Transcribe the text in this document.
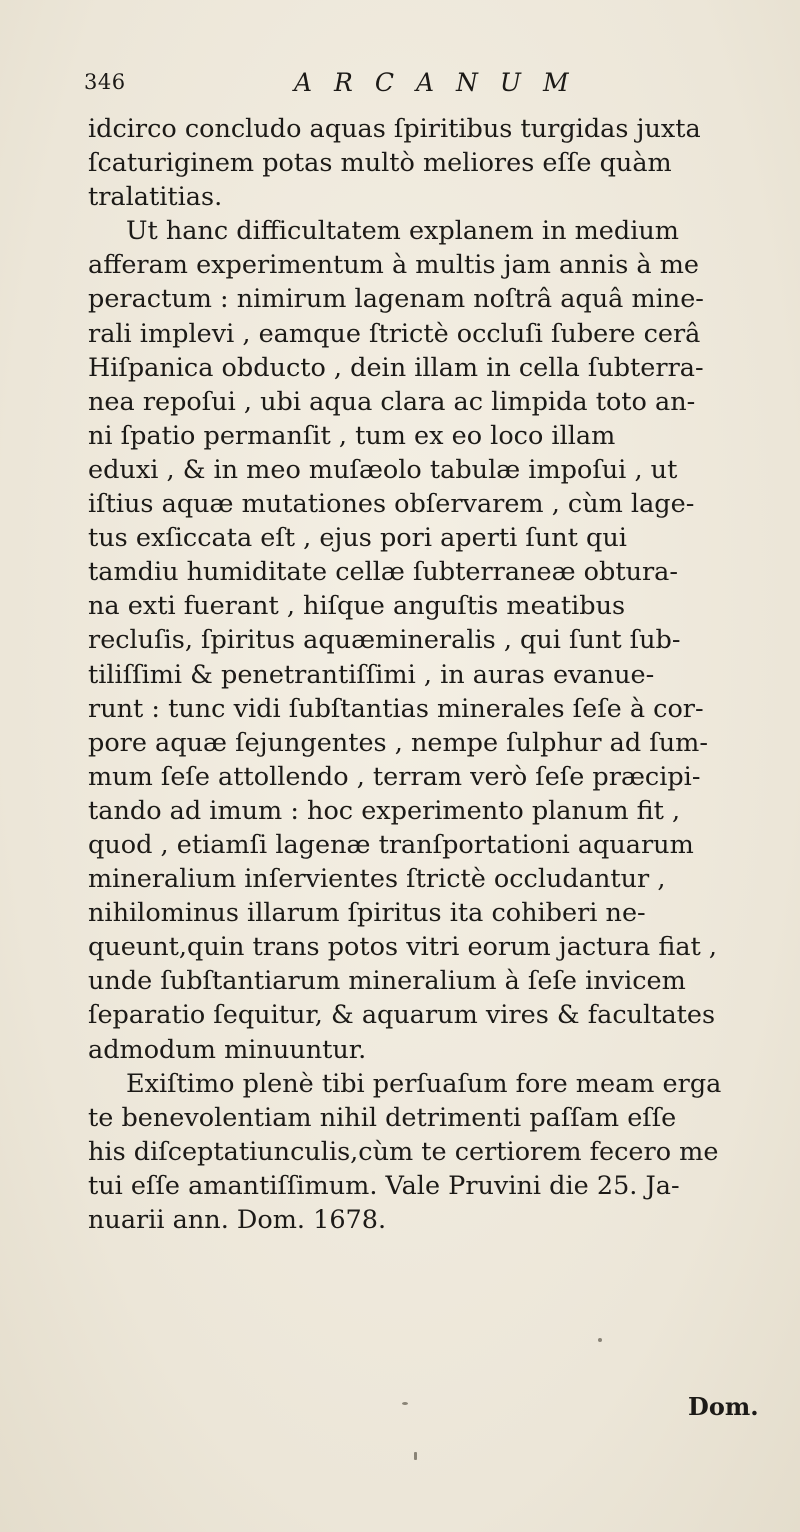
346	ARCANUM
idcirco concludo aquas ſpiritibus turgidas juxta
ſcaturiginem potas multò meliores eſſe quàm
tralatitias.
Ut hanc difficultatem explanem in medium
afferam experimentum à multis jam annis à me
peractum : nimirum lagenam noſtrâ aquâ mine-
rali implevi , eamque ſtrictè occluſi ſubere cerâ
Hiſpanica obducto , dein illam in cella ſubterra-
nea repoſui , ubi aqua clara ac limpida toto an-
ni ſpatio permanſit , tum ex eo loco illam
eduxi , & in meo muſæolo tabulæ impoſui , ut
iſtius aquæ mutationes obſervarem , cùm lage-
tus exſiccata eſt , ejus pori aperti ſunt qui
tamdiu humiditate cellæ ſubterraneæ obtura-
na exti fuerant , hiſque anguſtis meatibus
recluſis, ſpiritus aquæmineralis , qui ſunt ſub-
tiliſſimi & penetrantiſſimi , in auras evanue-
runt : tunc vidi ſubſtantias minerales ſeſe à cor-
pore aquæ ſejungentes , nempe ſulphur ad ſum-
mum ſeſe attollendo , terram verò ſeſe præcipi-
tando ad imum : hoc experimento planum fit ,
quod , etiamſi lagenæ tranſportationi aquarum
mineralium inſervientes ſtrictè occludantur ,
nihilominus illarum ſpiritus ita cohiberi ne-
queunt,quin trans potos vitri eorum jactura fiat ,
unde ſubſtantiarum mineralium à ſeſe invicem
ſeparatio ſequitur, & aquarum vires & facultates
admodum minuuntur.
Exiſtimo plenè tibi perſuaſum fore meam erga
te benevolentiam nihil detrimenti paſſam eſſe
his diſceptatiunculis,cùm te certiorem fecero me
tui eſſe amantiſſimum. Vale Pruvini die 25. Ja-
nuarii ann. Dom. 1678.
Dom.
